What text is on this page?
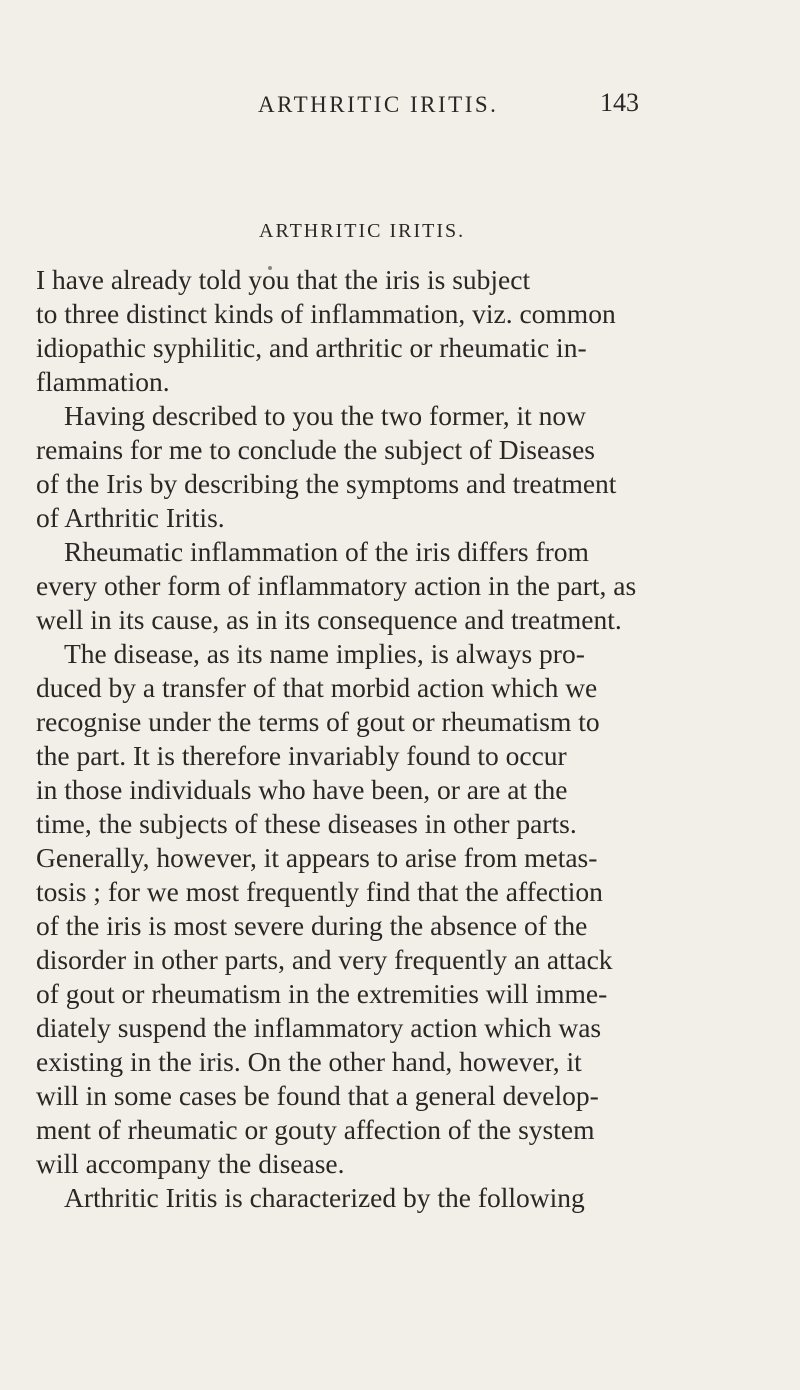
ARTHRITIC IRITIS.	143
ARTHRITIC IRITIS.
I have already told you that the iris is subject
to three distinct kinds of inflammation, viz. common
idiopathic syphilitic, and arthritic or rheumatic in-
flammation.
Having described to you the two former, it now
remains for me to conclude the subject of Diseases
of the Iris by describing the symptoms and treatment
of Arthritic Iritis.
Rheumatic inflammation of the iris differs from
every other form of inflammatory action in the part, as
well in its cause, as in its consequence and treatment.
The disease, as its name implies, is always pro-
duced by a transfer of that morbid action which we
recognise under the terms of gout or rheumatism to
the part. It is therefore invariably found to occur
in those individuals who have been, or are at the
time, the subjects of these diseases in other parts.
Generally, however, it appears to arise from metas-
tosis ; for we most frequently find that the affection
of the iris is most severe during the absence of the
disorder in other parts, and very frequently an attack
of gout or rheumatism in the extremities will imme-
diately suspend the inflammatory action which was
existing in the iris. On the other hand, however, it
will in some cases be found that a general develop-
ment of rheumatic or gouty affection of the system
will accompany the disease.
Arthritic Iritis is characterized by the following
